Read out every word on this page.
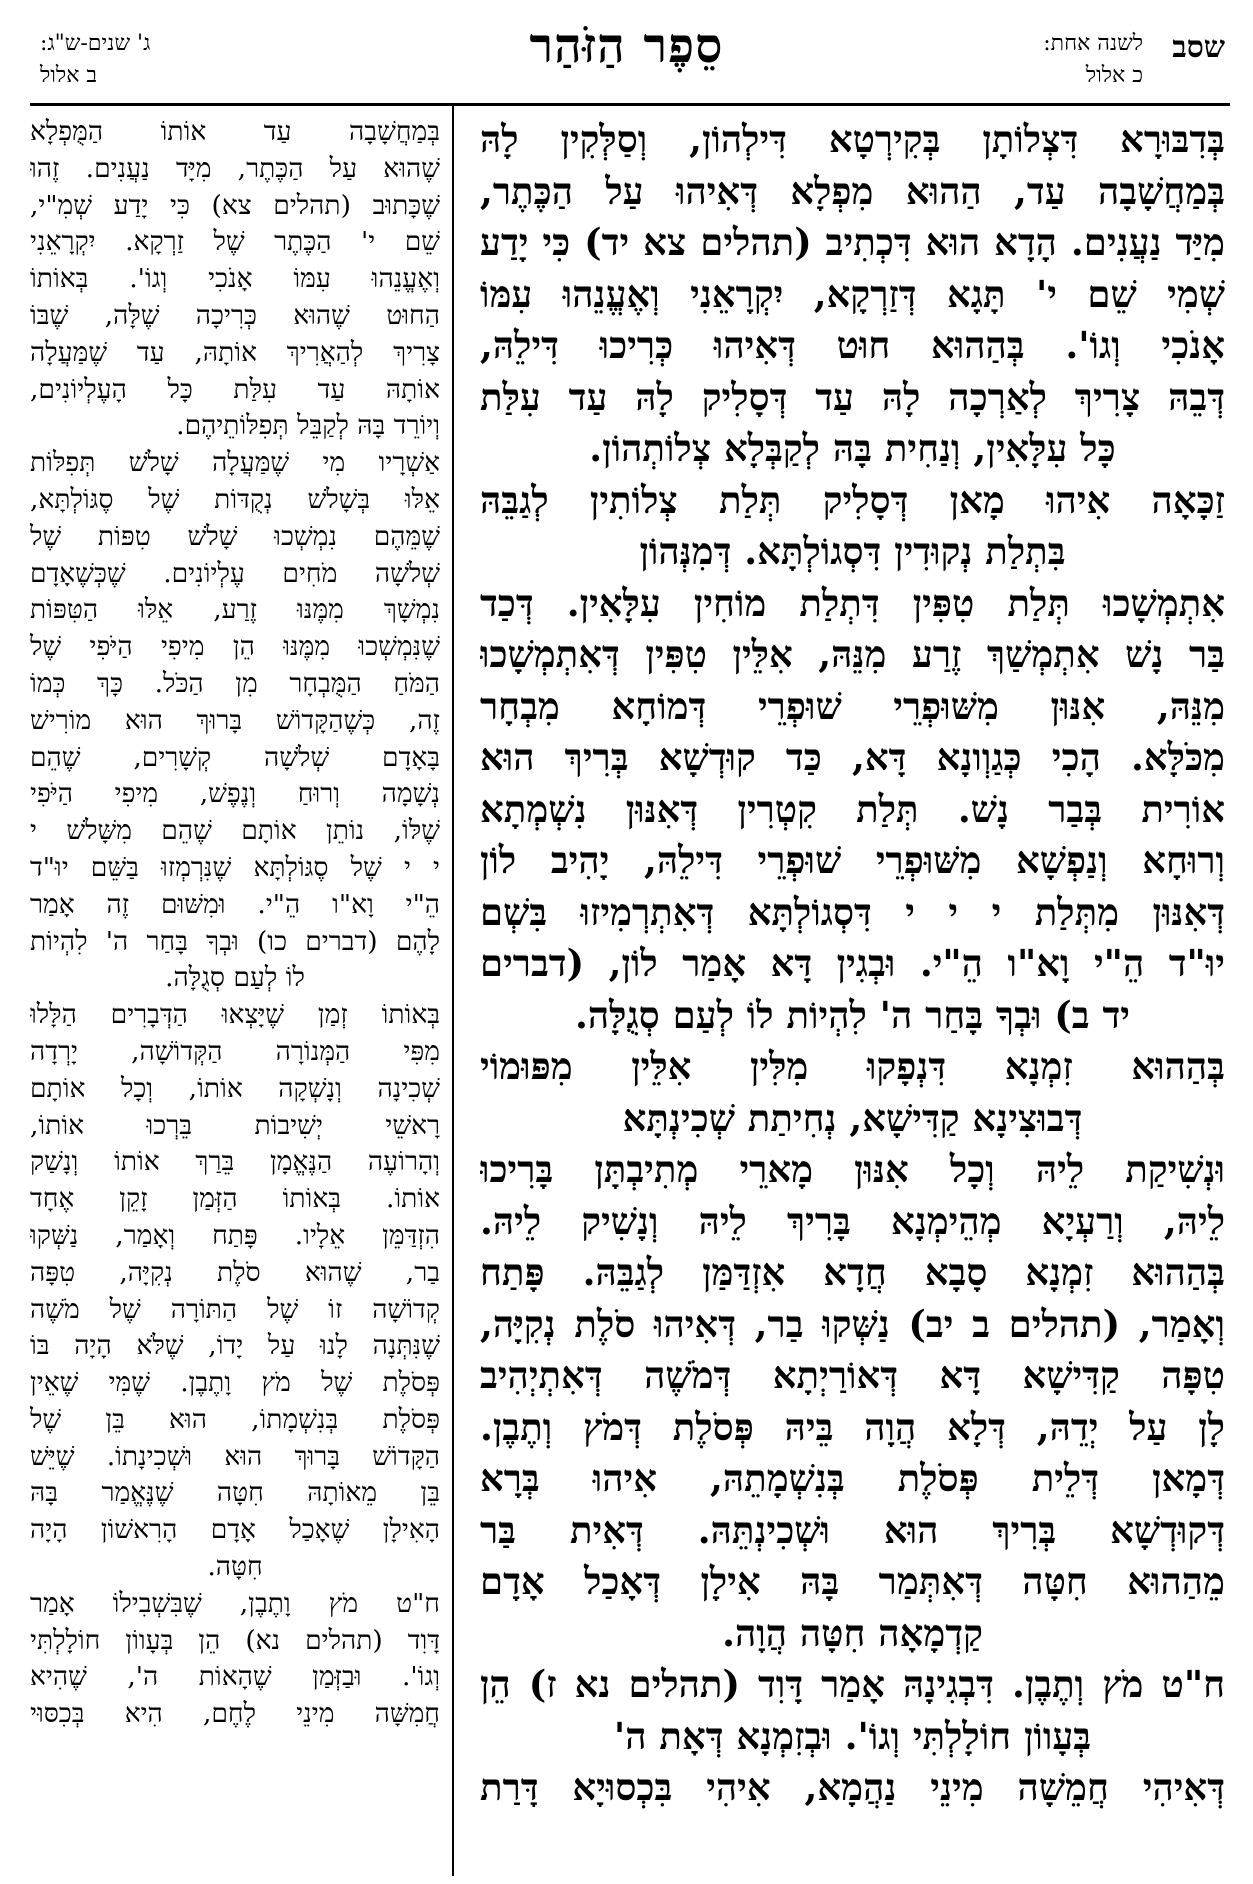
שסב
לשנה אחת:
כ אלול
סֵפֶר הַזֹּהַר
ג' שנים-ש"ג:
ב אלול
בְּדִבּוּרָא דִּצְלוֹתָן בְּקִירְטָא דִּילְהוֹן, וְסַלְּקִין לָהּ
בְּמַחֲשָׁבָה עַד, הַהוּא מִפְלָא דְּאִיהוּ עַל הַכֶּתֶר,
מִיַּד נַעֲנִים. הָדָא הוּא דִּכְתִיב (תהלים צא יד) כִּי יָדַע
שְׁמִי שֵׁם י' תָּגָא דְּזַרְקָא, יִקְרָאֵנִי וְאֶעֱנֵהוּ עִמּוֹ
אָנֹכִי וְגוֹ'. בְּהַהוּא חוּט דְּאִיהוּ כְּרִיכוּ דִּילֵהּ,
דְּבֵהּ צָרִיךְ לְאַרְכָה לָהּ עַד דְּסָלִיק לָהּ עַד עִלַּת
כָּל עִלָּאִין, וְנַחִית בָּהּ לְקַבְּלָא צְלוֹתְהוֹן.
זַכָּאָה אִיהוּ מָאן דְּסָלִיק תְּלַת צְלוֹתִין לְגַבֵּהּ
בִּתְלַת נְקוּדִין דִּסְגוֹלְתָּא. דְּמִנְּהוֹן
אִתְמְשָׁכוּ תְּלַת טִפִּין דִּתְלַת מוֹחִין עִלָּאִין. דְּכַד
בַּר נָשׁ אִתְמְשַׁךְ זֶרַע מִנֵּהּ, אִלֵּין טִפִּין דְּאִתְמְשָׁכוּ
מִנֵּהּ, אִנּוּן מִשּׁוּפְרֵי שׁוּפְרֵי דְּמוֹחָא מִבְחָר
מִכֹּלָּא. הָכִי כְּגַוְונָא דָּא, כַּד קוּדְשָׁא בְּרִיךְ הוּא
אוֹרִית בְּבַר נָשׁ. תְּלַת קִטְרִין דְּאִנּוּן נִשְׁמְתָא
וְרוּחָא וְנַפְשָׁא מִשּׁוּפְרֵי שׁוּפְרֵי דִּילֵהּ, יָהִיב לוֹן
דְּאִנּוּן מִתְּלַת י י י דִּסְגוֹלְתָּא דְּאִתְרְמִיזוּ בִּשְׁם
יוּ"ד הֵ"י וָא"ו הֵ"י. וּבְגִין דָּא אָמַר לוֹן, (דברים
יד ב) וּבְךָ בָּחַר ה' לִהְיוֹת לוֹ לְעַם סְגֻלָּה.
בְּהַהוּא זִמְנָא דִּנְפָקוּ מִלִּין אִלֵּין מִפּוּמוֹי
דְּבוּצִינָא קַדִּישָׁא, נְחִיתַת שְׁכִינְתָּא
וּנְשִׁיקַת לֵיהּ וְכָל אִנּוּן מָארֵי מְתִיבְתָּן בָּרִיכוּ
לֵיהּ, וְרַעְיָא מְהֵימְנָא בָּרִיךְ לֵיהּ וְנָשִׁיק לֵיהּ.
בְּהַהוּא זִמְנָא סָבָא חֲדָא אִזְדַּמַּן לְגַבֵּהּ. פָּתַח
וְאָמַר, (תהלים ב יב) נַשְּׁקוּ בַר, דְּאִיהוּ סֹלֶת נְקִיָּה,
טִפָּה קַדִּישָׁא דָּא דְּאוֹרַיְתָא דְּמֹשֶׁה דְּאִתְיְהִיב
לָן עַל יְדֵהּ, דְּלָא הֲוָה בֵּיהּ פְּסֹלֶת דְּמֹץ וְתֶבֶן.
דְּמָאן דְּלֵית פְּסֹלֶת בְּנִשְׁמָתֵהּ, אִיהוּ בְּרָא
דְּקוּדְשָׁא בְּרִיךְ הוּא וּשְׁכִינְתֵּהּ. דְּאִית בַּר
מֵהַהוּא חִטָּה דְּאִתְּמַר בָּהּ אִילָן דְּאָכַל אָדָם
קַדְמָאָה חִטָּה הֲוָה.
ח"ט מֹץ וְתֶבֶן. דִּבְגִינָהּ אָמַר דָּוִד (תהלים נא ז) הֵן
בְּעָווֹן חוֹלָלְתִּי וְגוֹ'. וּבְזִמְנָא דְּאָת ה'
דְּאִיהִי חֲמֵשָׁה מִינֵי נַהֲמָא, אִיהִי בִּכְסוּיָא דָּרַת
בְּמַחֲשָׁבָה עַד אוֹתוֹ הַמֻּפְלָא
שֶׁהוּא עַל הַכֶּתֶר, מִיָּד נַעֲנִים. זֶהוּ
שֶׁכָּתוּב (תהלים צא) כִּי יָדַע שְׁמִ"י,
שֵׁם י' הַכֶּתֶר שֶׁל זַרְקָא. יִקְרָאֵנִי
וְאֶעֱנֵהוּ עִמּוֹ אָנֹכִי וְגוֹ'. בְּאוֹתוֹ
הַחוּט שֶׁהוּא כְּרִיכָה שֶׁלָּה, שֶׁבּוֹ
צָרִיךְ לְהַאֲרִיךְ אוֹתָהּ, עַד שֶׁמַּעֲלָה
אוֹתָהּ עַד עִלַּת כָּל הָעֶלְיוֹנִים,
וְיוֹרֵד בָּהּ לְקַבֵּל תְּפִלּוֹתֵיהֶם.
אַשְׁרָיו מִי שֶׁמַּעֲלָה שָׁלֹשׁ תְּפִלּוֹת
אֵלּוּ בְּשָׁלֹשׁ נְקֻדּוֹת שֶׁל סֶגּוֹלְתָּא,
שֶׁמֵּהֶם נִמְשְׁכוּ שָׁלֹשׁ טִפּוֹת שֶׁל
שְׁלֹשָׁה מֹחִים עֶלְיוֹנִים. שֶׁכְּשֶׁאָדָם
נִמְשָׁךְ מִמֶּנּוּ זֶרַע, אֵלּוּ הַטִּפּוֹת
שֶׁנִּמְשְׁכוּ מִמֶּנּוּ הֵן מִיפִי הַיֹּפִי שֶׁל
הַמֹּחַ הַמֻּבְחָר מִן הַכֹּל. כָּךְ כְּמוֹ
זֶה, כְּשֶׁהַקָּדוֹשׁ בָּרוּךְ הוּא מוֹרִישׁ
בָּאָדָם שְׁלֹשָׁה קְשָׁרִים, שֶׁהֵם
נְשָׁמָה וְרוּחַ וְנֶפֶשׁ, מִיפִי הַיֹּפִי
שֶׁלּוֹ, נוֹתֵן אוֹתָם שֶׁהֵם מִשָּׁלֹשׁ י
י י שֶׁל סֶגּוֹלְתָּא שֶׁנִּרְמְזוּ בַּשֵּׁם יוּ"ד
הֵ"י וָא"ו הֵ"י. וּמִשּׁוּם זֶה אָמַר
לָהֶם (דברים כו) וּבְךָ בָּחַר ה' לִהְיוֹת
לוֹ לְעַם סְגֻלָּה.
בְּאוֹתוֹ זְמַן שֶׁיָּצְאוּ הַדְּבָרִים הַלָּלוּ
מִפִּי הַמְּנוֹרָה הַקְּדוֹשָׁה, יָרְדָה
שְׁכִינָה וְנָשְׁקָה אוֹתוֹ, וְכָל אוֹתָם
רָאשֵׁי יְשִׁיבוֹת בֵּרְכוּ אוֹתוֹ,
וְהָרוֹעֶה הַנֶּאֱמָן בֵּרַךְ אוֹתוֹ וְנָשַׁק
אוֹתוֹ. בְּאוֹתוֹ הַזְּמַן זָקֵן אֶחָד
הִזְדַּמֵּן אֵלָיו. פָּתַח וְאָמַר, נַשְּׁקוּ
בַר, שֶׁהוּא סֹלֶת נְקִיָּה, טִפָּה
קְדוֹשָׁה זוֹ שֶׁל הַתּוֹרָה שֶׁל מֹשֶׁה
שֶׁנִּתְּנָה לָנוּ עַל יָדוֹ, שֶׁלֹּא הָיָה בּוֹ
פְּסֹלֶת שֶׁל מֹץ וָתֶבֶן. שֶׁמִּי שֶׁאֵין
פְּסֹלֶת בְּנִשְׁמָתוֹ, הוּא בֵּן שֶׁל
הַקָּדוֹשׁ בָּרוּךְ הוּא וּשְׁכִינָתוֹ. שֶׁיֵּשׁ
בֵּן מֵאוֹתָהּ חִטָּה שֶׁנֶּאֱמַר בָּהּ
הָאִילָן שֶׁאָכַל אָדָם הָרִאשׁוֹן הָיָה
חִטָּה.
ח"ט מֹץ וָתֶבֶן, שֶׁבִּשְׁבִילוֹ אָמַר
דָּוִד (תהלים נא) הֵן בְּעָווֹן חוֹלָלְתִּי
וְגוֹ'. וּבַזְּמַן שֶׁהָאוֹת ה', שֶׁהִיא
חֲמִשָּׁה מִינֵי לֶחֶם, הִיא בְּכִסּוּי
